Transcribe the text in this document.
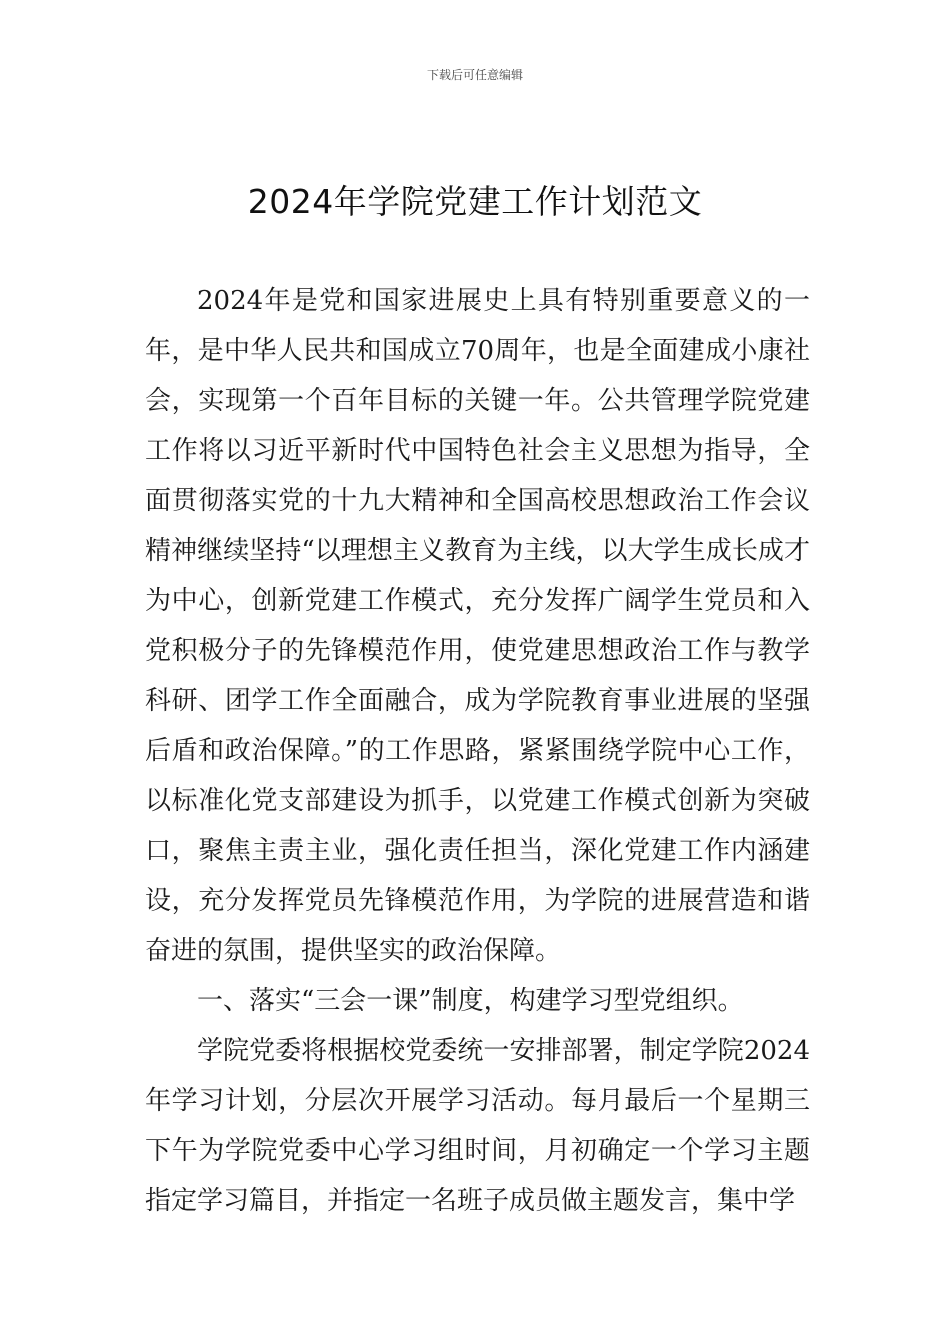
下载后可任意编辑
2024年学院党建工作计划范文

2024年是党和国家进展史上具有特别重要意义的一年，是中华人民共和国成立70周年，也是全面建成小康社会，实现第一个百年目标的关键一年。公共管理学院党建工作将以习近平新时代中国特色社会主义思想为指导，全面贯彻落实党的十九大精神和全国高校思想政治工作会议精神继续坚持“以理想主义教育为主线，以大学生成长成才为中心，创新党建工作模式，充分发挥广阔学生党员和入党积极分子的先锋模范作用，使党建思想政治工作与教学科研、团学工作全面融合，成为学院教育事业进展的坚强后盾和政治保障。”的工作思路，紧紧围绕学院中心工作，以标准化党支部建设为抓手，以党建工作模式创新为突破口，聚焦主责主业，强化责任担当，深化党建工作内涵建设，充分发挥党员先锋模范作用，为学院的进展营造和谐奋进的氛围，提供坚实的政治保障。

一、落实“三会一课”制度，构建学习型党组织。

学院党委将根据校党委统一安排部署，制定学院2024年学习计划，分层次开展学习活动。每月最后一个星期三下午为学院党委中心学习组时间，月初确定一个学习主题指定学习篇目，并指定一名班子成员做主题发言，集中学
